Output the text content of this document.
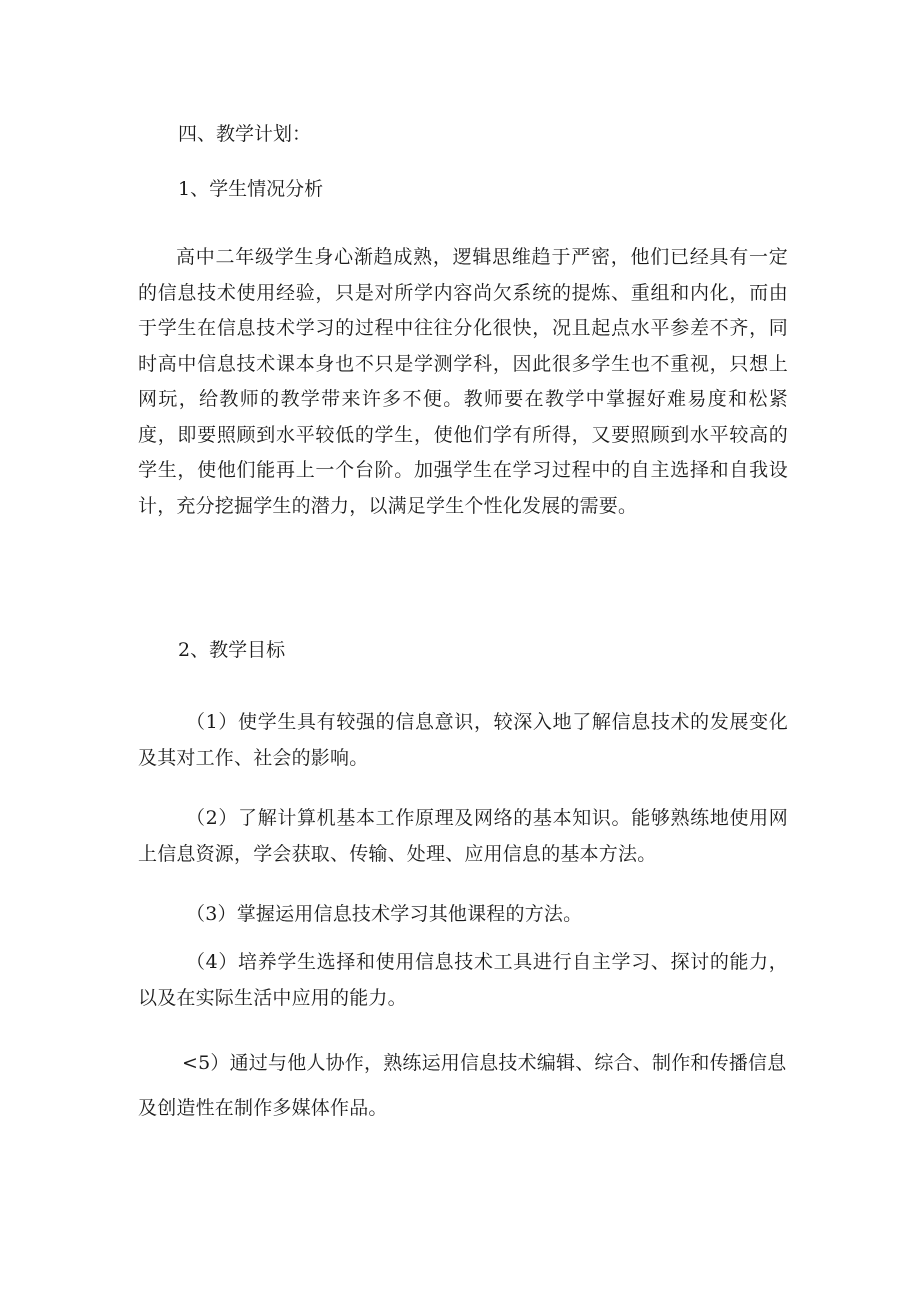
四、教学计划：
1、学生情况分析

高中二年级学生身心渐趋成熟，逻辑思维趋于严密，他们已经具有一定的信息技术使用经验，只是对所学内容尚欠系统的提炼、重组和内化，而由于学生在信息技术学习的过程中往往分化很快，况且起点水平参差不齐，同时高中信息技术课本身也不只是学测学科，因此很多学生也不重视，只想上网玩，给教师的教学带来许多不便。教师要在教学中掌握好难易度和松紧度，即要照顾到水平较低的学生，使他们学有所得，又要照顾到水平较高的学生，使他们能再上一个台阶。加强学生在学习过程中的自主选择和自我设计，充分挖掘学生的潜力，以满足学生个性化发展的需要。

2、教学目标

（1）使学生具有较强的信息意识，较深入地了解信息技术的发展变化及其对工作、社会的影响。

（2）了解计算机基本工作原理及网络的基本知识。能够熟练地使用网上信息资源，学会获取、传输、处理、应用信息的基本方法。

（3）掌握运用信息技术学习其他课程的方法。

（4）培养学生选择和使用信息技术工具进行自主学习、探讨的能力，以及在实际生活中应用的能力。

<5）通过与他人协作，熟练运用信息技术编辑、综合、制作和传播信息
及创造性在制作多媒体作品。
